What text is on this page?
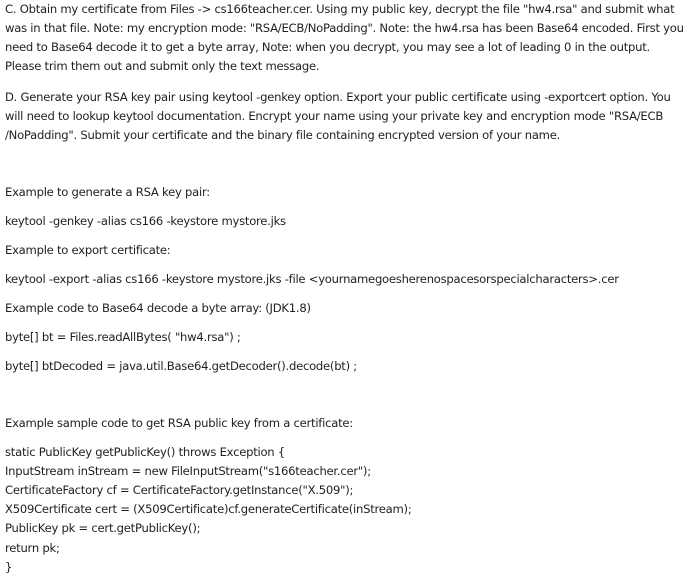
C. Obtain my certificate from Files -> cs166teacher.cer. Using my public key, decrypt the file "hw4.rsa" and submit what was in that file. Note: my encryption mode: "RSA/ECB/NoPadding". Note: the hw4.rsa has been Base64 encoded. First you need to Base64 decode it to get a byte array, Note: when you decrypt, you may see a lot of leading 0 in the output. Please trim them out and submit only the text message.

D. Generate your RSA key pair using keytool -genkey option. Export your public certificate using -exportcert option. You will need to lookup keytool documentation. Encrypt your name using your private key and encryption mode "RSA/ECB /NoPadding". Submit your certificate and the binary file containing encrypted version of your name.

Example to generate a RSA key pair:
keytool -genkey -alias cs166 -keystore mystore.jks
Example to export certificate:
keytool -export -alias cs166 -keystore mystore.jks -file <yournamegoesherenospacesorspecialcharacters>.cer
Example code to Base64 decode a byte array: (JDK1.8)
byte[] bt = Files.readAllBytes( "hw4.rsa") ;
byte[] btDecoded = java.util.Base64.getDecoder().decode(bt) ;
Example sample code to get RSA public key from a certificate:
static PublicKey getPublicKey() throws Exception {
InputStream inStream = new FileInputStream("s166teacher.cer");
CertificateFactory cf = CertificateFactory.getInstance("X.509");
X509Certificate cert = (X509Certificate)cf.generateCertificate(inStream);
PublicKey pk = cert.getPublicKey();
return pk;
}
